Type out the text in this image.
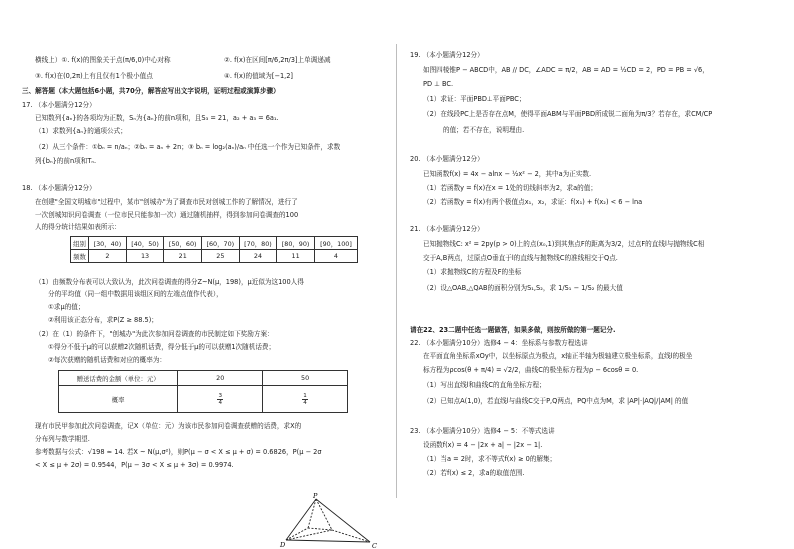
横线上）①. f(x)的图象关于点(π/6,0)中心对称	②. f(x)在区间[π/6,2π/3]上单调递减
③. f(x)在(0,2π)上有且仅有1个极小值点	④. f(x)的值域为[−1,2]
三、解答题（本大题包括6小题，共70分，解答应写出文字说明，证明过程或演算步骤）
17. （本小题满分12分）
已知数列{aₙ}的各项均为正数，Sₙ为{aₙ}的前n项和，且S₃ = 21，a₂ + a₃ = 6a₁.
（1）求数列{aₙ}的通项公式；
（2）从三个条件：①bₙ = n/aₙ；②bₙ = aₙ + 2n；③ bₙ = log₂(aₙ)/aₙ 中任选一个作为已知条件，求数
列{bₙ}的前n项和Tₙ.
18. （本小题满分12分）
在创建"全国文明城市"过程中，某市"创城办"为了调查市民对创城工作的了解情况，进行了
一次创城知识问卷调查（一位市民只能参加一次）通过随机抽样，得到参加问卷调查的100
人的得分统计结果如表所示：
组别	[30，40)	[40，50)	[50，60)	[60，70)	[70，80)	[80，90)	[90，100]
频数	2	13	21	25	24	11	4
（1）由频数分布表可以大致认为，此次问卷调查的得分Z~N(μ，198)，μ近似为这100人得
分的平均值（同一组中数据用该组区间的左端点值作代表），
①求μ的值；
②利用该正态分布，求P(Z ≥ 88.5)；
（2）在（1）的条件下，"创城办"为此次参加问卷调查的市民制定如下奖励方案：
①得分不低于μ的可以获赠2次随机话费，得分低于μ的可以获赠1次随机话费；
②每次获赠的随机话费和对应的概率为：
赠送话费的金额（单位：元）	20	50
概率	$\frac{3}{4}$	$\frac{1}{4}$
现有市民甲参加此次问卷调查，记X（单位：元）为该市民参加问卷调查获赠的话费，求X的
分布列与数学期望.
参考数据与公式：√198 ≈ 14. 若X ~ N(μ,σ²)，则P(μ − σ < X ≤ μ + σ) = 0.6826，P(μ − 2σ
< X ≤ μ + 2σ) = 0.9544，P(μ − 3σ < X ≤ μ + 3σ) = 0.9974.
P
D	C
19. （本小题满分12分）
如图四棱锥P − ABCD中，AB // DC，∠ADC = π/2，AB = AD = ½CD = 2，PD = PB = √6，
PD ⊥ BC.
（1）求证：平面PBD⊥平面PBC；
（2）在线段PC上是否存在点M，使得平面ABM与平面PBD所成锐二面角为π/3？若存在，求CM/CP
的值；若不存在，说明理由.
20. （本小题满分12分）
已知函数f(x) = 4x − alnx − ½x² − 2，其中a为正实数.
（1）若函数y = f(x)在x = 1处的切线斜率为2，求a的值；
（2）若函数y = f(x)有两个极值点x₁，x₂，求证：f(x₁) + f(x₂) < 6 − lna
21. （本小题满分12分）
已知抛物线C: x² = 2py(p > 0)上的点(x₀,1)到其焦点F的距离为3/2，过点F的直线l与抛物线C相
交于A,B两点，过原点O垂直于l的直线与抛物线C的准线相交于Q点.
（1）求抛物线C的方程及F的坐标
（2）设△OAB,△QAB的面积分别为S₁,S₂，求 1/S₁ − 1/S₂ 的最大值
请在22、23二题中任选一题做答，如果多做，则按所做的第一题记分.
22. （本小题满分10分）选修4 − 4：坐标系与参数方程选讲
在平面直角坐标系xOy中，以坐标原点为极点，x轴正半轴为极轴建立极坐标系，直线l的极坐
标方程为ρcos(θ + π/4) = √2/2，曲线C的极坐标方程为ρ − 6cosθ = 0.
（1）写出直线l和曲线C的直角坐标方程；
（2）已知点A(1,0)，若直线l与曲线C交于P,Q两点，PQ中点为M，求 |AP|·|AQ|/|AM| 的值
23. （本小题满分10分）选修4 − 5：不等式选讲
设函数f(x) = 4 − |2x + a| − |2x − 1|.
（1）当a = 2时，求不等式f(x) ≥ 0的解集；
（2）若f(x) ≤ 2，求a的取值范围.
